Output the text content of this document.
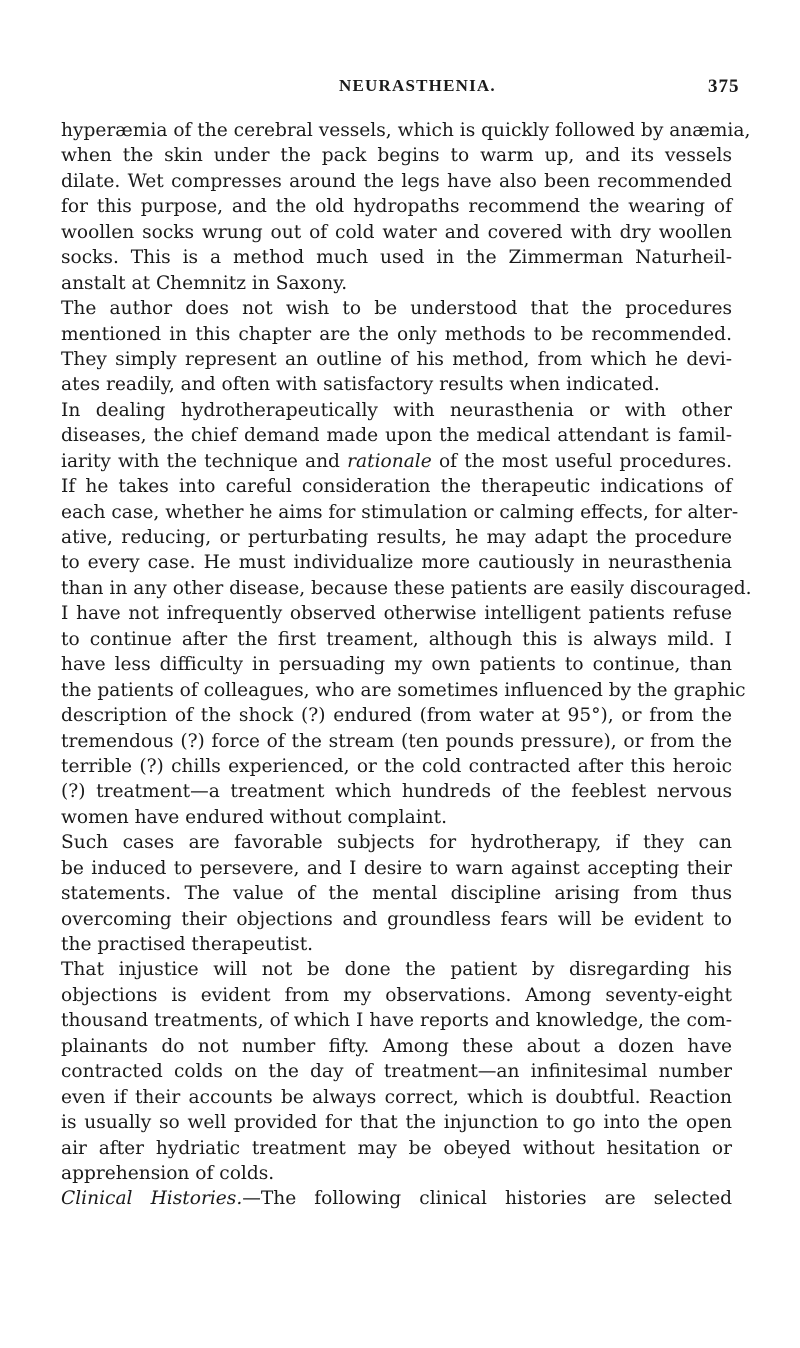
NEURASTHENIA.	375
hyperæmia of the cerebral vessels, which is quickly followed by anæmia,
when the skin under the pack begins to warm up, and its vessels
dilate. Wet compresses around the legs have also been recommended
for this purpose, and the old hydropaths recommend the wearing of
woollen socks wrung out of cold water and covered with dry woollen
socks. This is a method much used in the Zimmerman Naturheil-
anstalt at Chemnitz in Saxony.
The author does not wish to be understood that the procedures
mentioned in this chapter are the only methods to be recommended.
They simply represent an outline of his method, from which he devi-
ates readily, and often with satisfactory results when indicated.
In dealing hydrotherapeutically with neurasthenia or with other
diseases, the chief demand made upon the medical attendant is famil-
iarity with the technique and rationale of the most useful procedures.
If he takes into careful consideration the therapeutic indications of
each case, whether he aims for stimulation or calming effects, for alter-
ative, reducing, or perturbating results, he may adapt the procedure
to every case. He must individualize more cautiously in neurasthenia
than in any other disease, because these patients are easily discouraged.
I have not infrequently observed otherwise intelligent patients refuse
to continue after the first treament, although this is always mild. I
have less difficulty in persuading my own patients to continue, than
the patients of colleagues, who are sometimes influenced by the graphic
description of the shock (?) endured (from water at 95°), or from the
tremendous (?) force of the stream (ten pounds pressure), or from the
terrible (?) chills experienced, or the cold contracted after this heroic
(?) treatment—a treatment which hundreds of the feeblest nervous
women have endured without complaint.
Such cases are favorable subjects for hydrotherapy, if they can
be induced to persevere, and I desire to warn against accepting their
statements. The value of the mental discipline arising from thus
overcoming their objections and groundless fears will be evident to
the practised therapeutist.
That injustice will not be done the patient by disregarding his
objections is evident from my observations. Among seventy-eight
thousand treatments, of which I have reports and knowledge, the com-
plainants do not number fifty. Among these about a dozen have
contracted colds on the day of treatment—an infinitesimal number
even if their accounts be always correct, which is doubtful. Reaction
is usually so well provided for that the injunction to go into the open
air after hydriatic treatment may be obeyed without hesitation or
apprehension of colds.
Clinical Histories.—The following clinical histories are selected
